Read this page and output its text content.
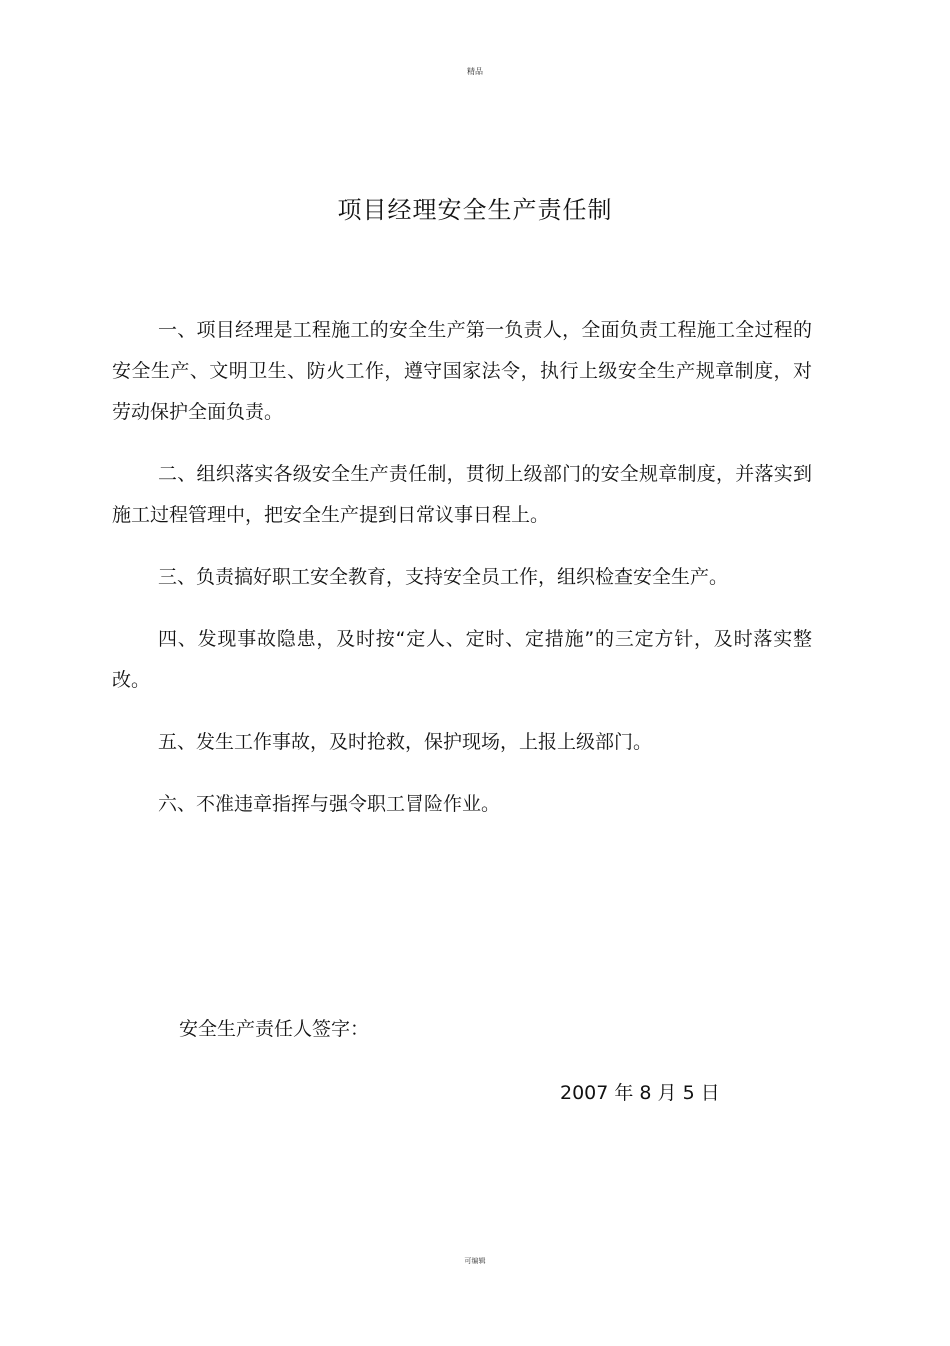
精品
项目经理安全生产责任制

一、项目经理是工程施工的安全生产第一负责人，全面负责工程施工全过程的安全生产、文明卫生、防火工作，遵守国家法令，执行上级安全生产规章制度，对劳动保护全面负责。

二、组织落实各级安全生产责任制，贯彻上级部门的安全规章制度，并落实到施工过程管理中，把安全生产提到日常议事日程上。

三、负责搞好职工安全教育，支持安全员工作，组织检查安全生产。

四、发现事故隐患，及时按“定人、定时、定措施”的三定方针，及时落实整改。

五、发生工作事故，及时抢救，保护现场，上报上级部门。

六、不准违章指挥与强令职工冒险作业。

安全生产责任人签字：
2007 年 8 月 5 日
可编辑
